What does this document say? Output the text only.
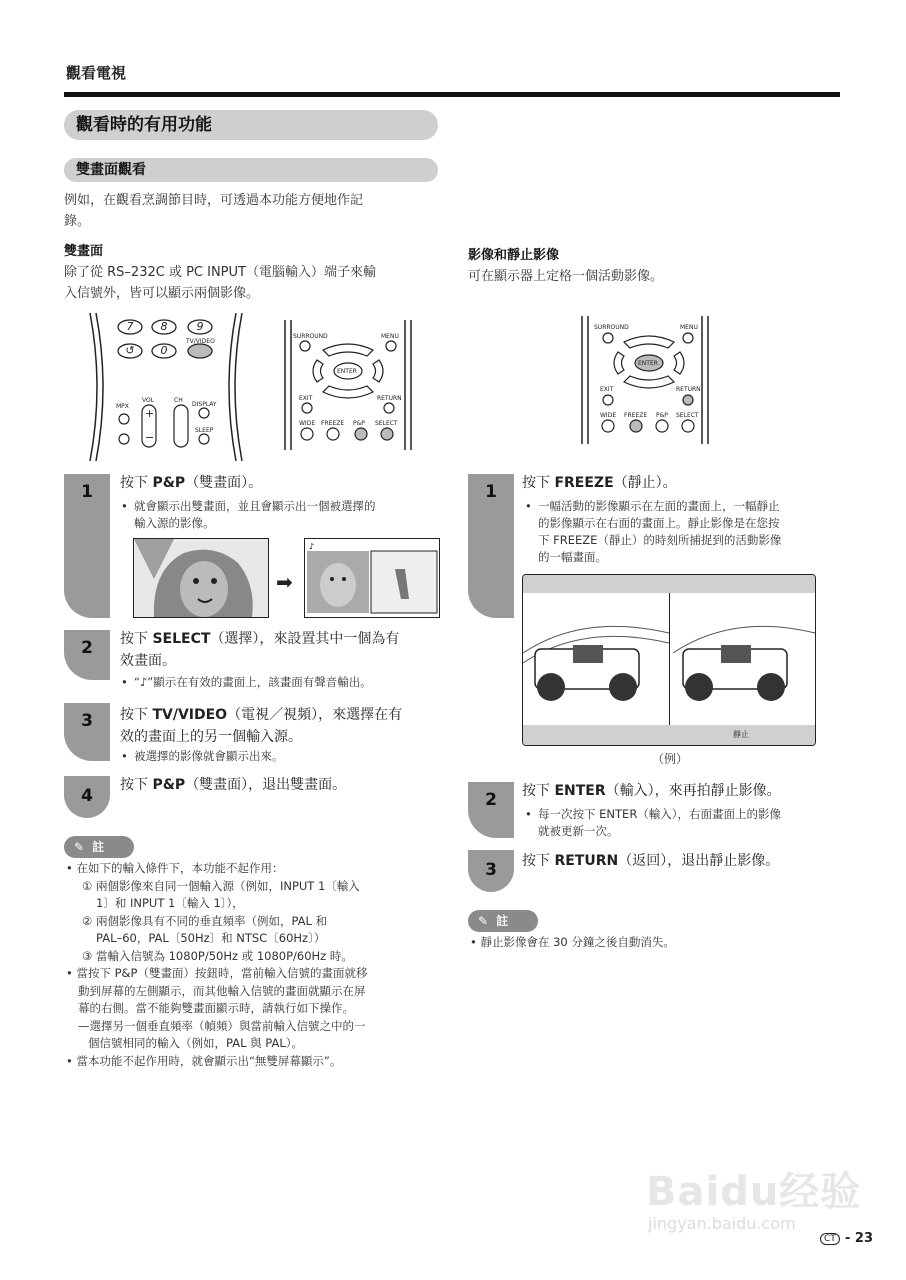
觀看電視
觀看時的有用功能
雙畫面觀看
例如，在觀看烹調節目時，可透過本功能方便地作記
錄。
雙畫面
除了從 RS–232C 或 PC INPUT（電腦輸入）端子來輸
入信號外，皆可以顯示兩個影像。
7	8	9
↺	0
TV/VIDEO
MPX
VOL	CH
DISPLAY
SLEEP
+
−
SURROUND	MENU
ENTER
EXIT	RETURN
WIDE FREEZE P&P SELECT
1	按下 P&P（雙畫面）。
• 就會顯示出雙畫面，並且會顯示出一個被選擇的
輸入源的影像。
➡
♪
2	按下 SELECT（選擇），來設置其中一個為有
效畫面。
• “♪”顯示在有效的畫面上，該畫面有聲音輸出。
3	按下 TV/VIDEO（電視／視頻），來選擇在有
效的畫面上的另一個輸入源。
• 被選擇的影像就會顯示出來。
4
按下 P&P（雙畫面），退出雙畫面。
✎ 註
• 在如下的輸入條件下，本功能不起作用：
① 兩個影像來自同一個輸入源（例如，INPUT 1〔輸入
1〕和 INPUT 1〔輸入 1〕），
② 兩個影像具有不同的垂直頻率（例如，PAL 和
PAL–60，PAL〔50Hz〕和 NTSC〔60Hz〕）
③ 當輸入信號為 1080P/50Hz 或 1080P/60Hz 時。
• 當按下 P&P（雙畫面）按鈕時，當前輸入信號的畫面就移
動到屏幕的左側顯示，而其他輸入信號的畫面就顯示在屏
幕的右側。當不能夠雙畫面顯示時，請執行如下操作。
—選擇另一個垂直頻率（幀頻）與當前輸入信號之中的一
個信號相同的輸入（例如，PAL 與 PAL）。
• 當本功能不起作用時，就會顯示出“無雙屏幕顯示”。
影像和靜止影像
可在顯示器上定格一個活動影像。
SURROUND	MENU
ENTER
EXIT	RETURN
WIDE FREEZE P&P SELECT
1	按下 FREEZE（靜止）。
• 一幅活動的影像顯示在左面的畫面上，一幅靜止
的影像顯示在右面的畫面上。靜止影像是在您按
下 FREEZE（靜止）的時刻所捕捉到的活動影像
的一幅畫面。
靜止
（例）
2	按下 ENTER（輸入），來再拍靜止影像。
• 每一次按下 ENTER（輸入），右面畫面上的影像
就被更新一次。
3	按下 RETURN（返回），退出靜止影像。
✎ 註
• 靜止影像會在 30 分鐘之後自動消失。
Baidu经验
jingyan.baidu.com
CT - 23
